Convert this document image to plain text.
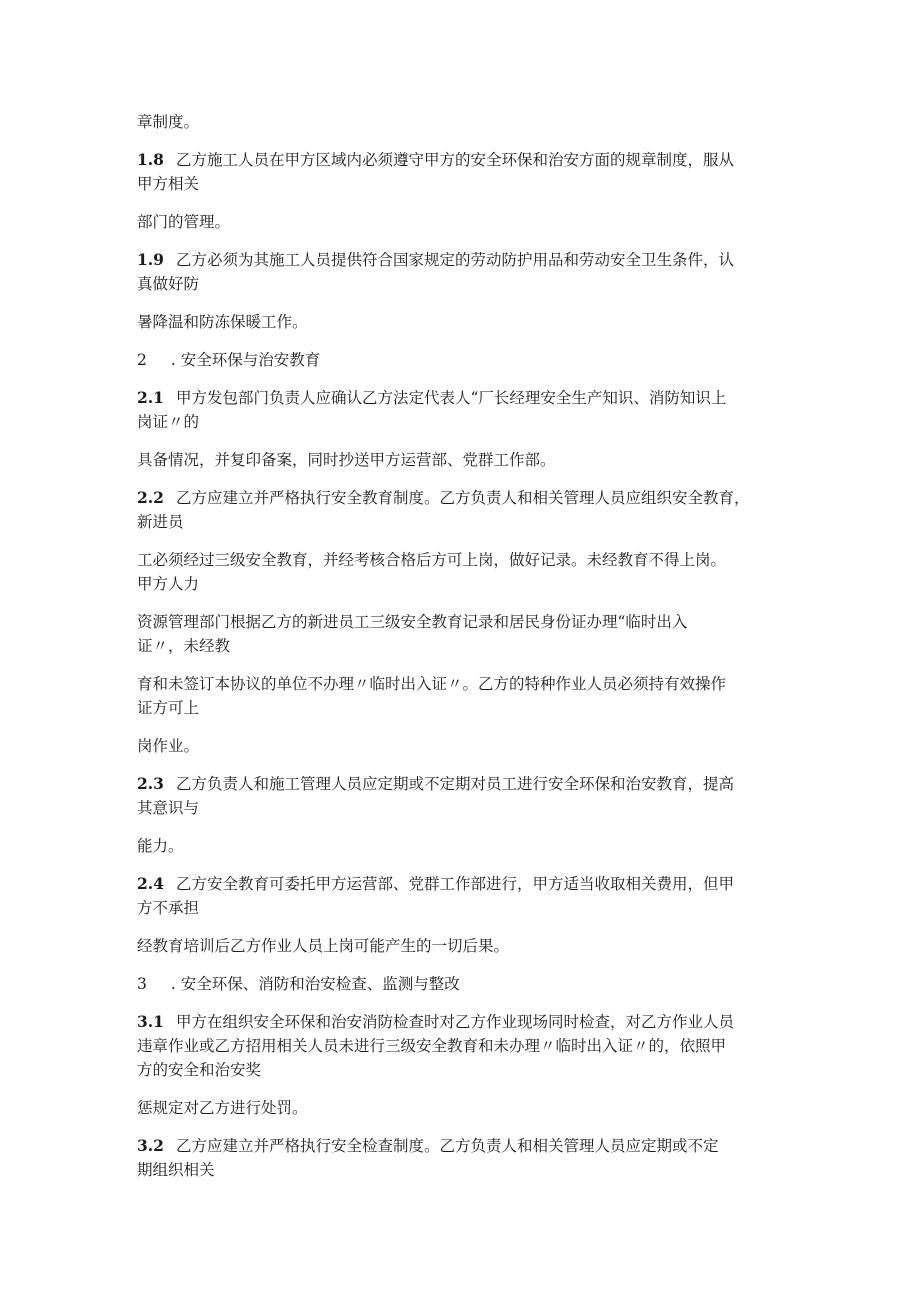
章制度。

1.8 乙方施工人员在甲方区域内必须遵守甲方的安全环保和治安方面的规章制度，服从
甲方相关

部门的管理。

1.9 乙方必须为其施工人员提供符合国家规定的劳动防护用品和劳动安全卫生条件，认
真做好防

暑降温和防冻保暖工作。

2 . 安全环保与治安教育

2.1 甲方发包部门负责人应确认乙方法定代表人“厂长经理安全生产知识、消防知识上
岗证〃的

具备情况，并复印备案，同时抄送甲方运营部、党群工作部。

2.2 乙方应建立并严格执行安全教育制度。乙方负责人和相关管理人员应组织安全教育，
新进员

工必须经过三级安全教育，并经考核合格后方可上岗，做好记录。未经教育不得上岗。
甲方人力

资源管理部门根据乙方的新进员工三级安全教育记录和居民身份证办理“临时出入
证〃，未经教

育和未签订本协议的单位不办理〃临时出入证〃。乙方的特种作业人员必须持有效操作
证方可上

岗作业。

2.3 乙方负责人和施工管理人员应定期或不定期对员工进行安全环保和治安教育，提高
其意识与

能力。

2.4 乙方安全教育可委托甲方运营部、党群工作部进行，甲方适当收取相关费用，但甲
方不承担

经教育培训后乙方作业人员上岗可能产生的一切后果。

3 . 安全环保、消防和治安检查、监测与整改

3.1 甲方在组织安全环保和治安消防检查时对乙方作业现场同时检查，对乙方作业人员
违章作业或乙方招用相关人员未进行三级安全教育和未办理〃临时出入证〃的，依照甲
方的安全和治安奖

惩规定对乙方进行处罚。

3.2 乙方应建立并严格执行安全检查制度。乙方负责人和相关管理人员应定期或不定
期组织相关
